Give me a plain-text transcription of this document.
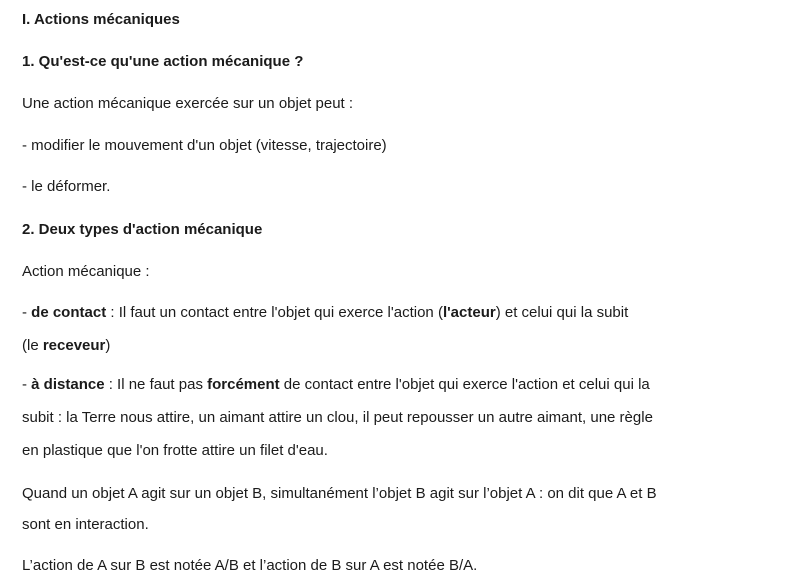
I. Actions mécaniques
1. Qu'est-ce qu'une action mécanique ?
Une action mécanique exercée sur un objet peut :
- modifier le mouvement d'un objet (vitesse, trajectoire)
- le déformer.
2. Deux types d'action mécanique
Action mécanique :
- de contact : Il faut un contact entre l'objet qui exerce l'action (l'acteur) et celui qui la subit
(le receveur)
- à distance : Il ne faut pas forcément de contact entre l'objet qui exerce l'action et celui qui la
subit : la Terre nous attire, un aimant attire un clou, il peut repousser un autre aimant, une règle
en plastique que l'on frotte attire un filet d'eau.
Quand un objet A agit sur un objet B, simultanément l’objet B agit sur l’objet A : on dit que A et B
sont en interaction.
L’action de A sur B est notée A/B et l’action de B sur A est notée B/A.
